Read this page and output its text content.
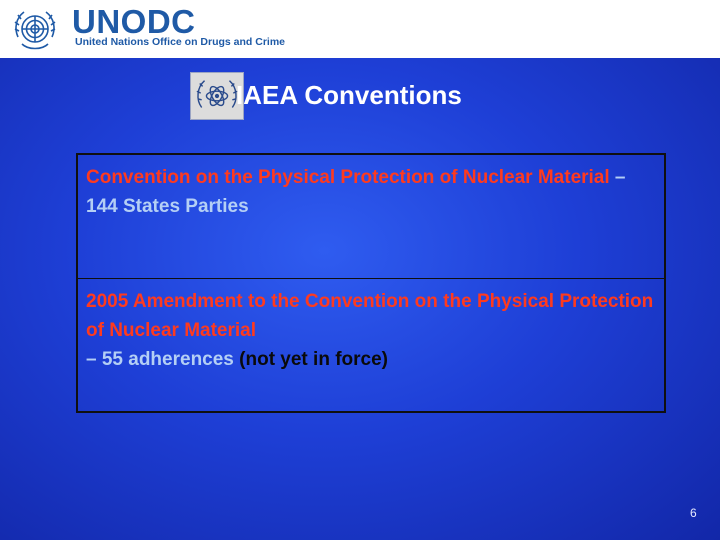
UNODC
United Nations Office on Drugs and Crime
IAEA Conventions
Convention on the Physical Protection of Nuclear Material – 144 States Parties
2005 Amendment to the Convention on the Physical Protection of Nuclear Material
– 55 adherences (not yet in force)
6
